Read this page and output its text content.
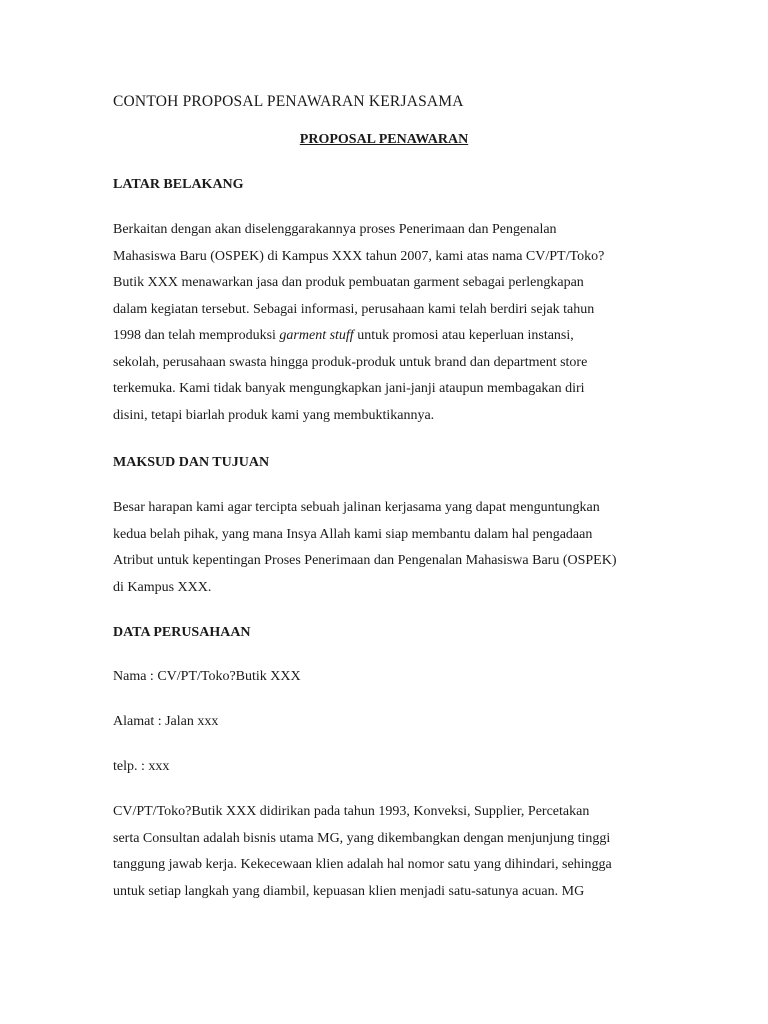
CONTOH PROPOSAL PENAWARAN KERJASAMA
PROPOSAL PENAWARAN
LATAR BELAKANG
Berkaitan dengan akan diselenggarakannya proses Penerimaan dan Pengenalan
Mahasiswa Baru (OSPEK) di Kampus XXX tahun 2007, kami atas nama CV/PT/Toko?
Butik XXX menawarkan jasa dan produk pembuatan garment sebagai perlengkapan
dalam kegiatan tersebut. Sebagai informasi, perusahaan kami telah berdiri sejak tahun
1998 dan telah memproduksi garment stuff untuk promosi atau keperluan instansi,
sekolah, perusahaan swasta hingga produk-produk untuk brand dan department store
terkemuka. Kami tidak banyak mengungkapkan jani-janji ataupun membagakan diri
disini, tetapi biarlah produk kami yang membuktikannya.
MAKSUD DAN TUJUAN
Besar harapan kami agar tercipta sebuah jalinan kerjasama yang dapat menguntungkan
kedua belah pihak, yang mana Insya Allah kami siap membantu dalam hal pengadaan
Atribut untuk kepentingan Proses Penerimaan dan Pengenalan Mahasiswa Baru (OSPEK)
di Kampus XXX.
DATA PERUSAHAAN

Nama : CV/PT/Toko?Butik XXX

Alamat : Jalan xxx

telp. : xxx

CV/PT/Toko?Butik XXX didirikan pada tahun 1993, Konveksi, Supplier, Percetakan
serta Consultan adalah bisnis utama MG, yang dikembangkan dengan menjunjung tinggi
tanggung jawab kerja. Kekecewaan klien adalah hal nomor satu yang dihindari, sehingga
untuk setiap langkah yang diambil, kepuasan klien menjadi satu-satunya acuan. MG
